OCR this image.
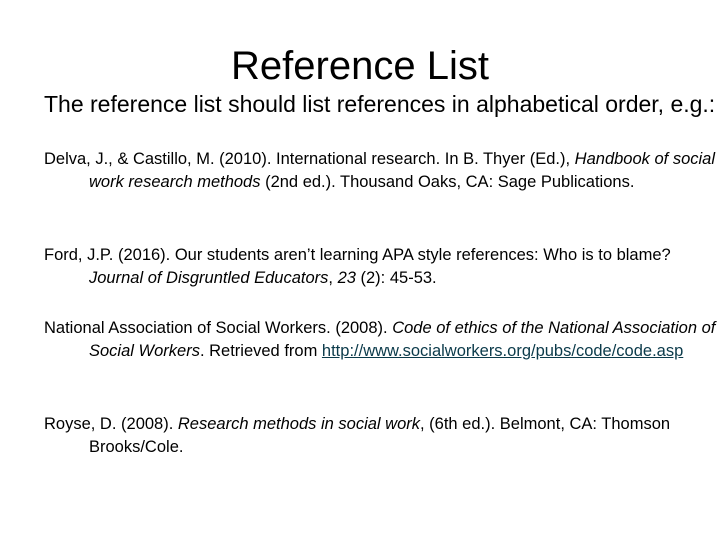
Reference List

The reference list should list references in alphabetical order, e.g.:

Delva, J., & Castillo, M. (2010). International research. In B. Thyer (Ed.), Handbook of social work research methods (2nd ed.). Thousand Oaks, CA: Sage Publications.

Ford, J.P. (2016). Our students aren’t learning APA style references: Who is to blame? Journal of Disgruntled Educators, 23 (2): 45-53.

National Association of Social Workers. (2008). Code of ethics of the National Association of Social Workers. Retrieved from http://www.socialworkers.org/pubs/code/code.asp

Royse, D. (2008). Research methods in social work, (6th ed.). Belmont, CA: Thomson Brooks/Cole.
